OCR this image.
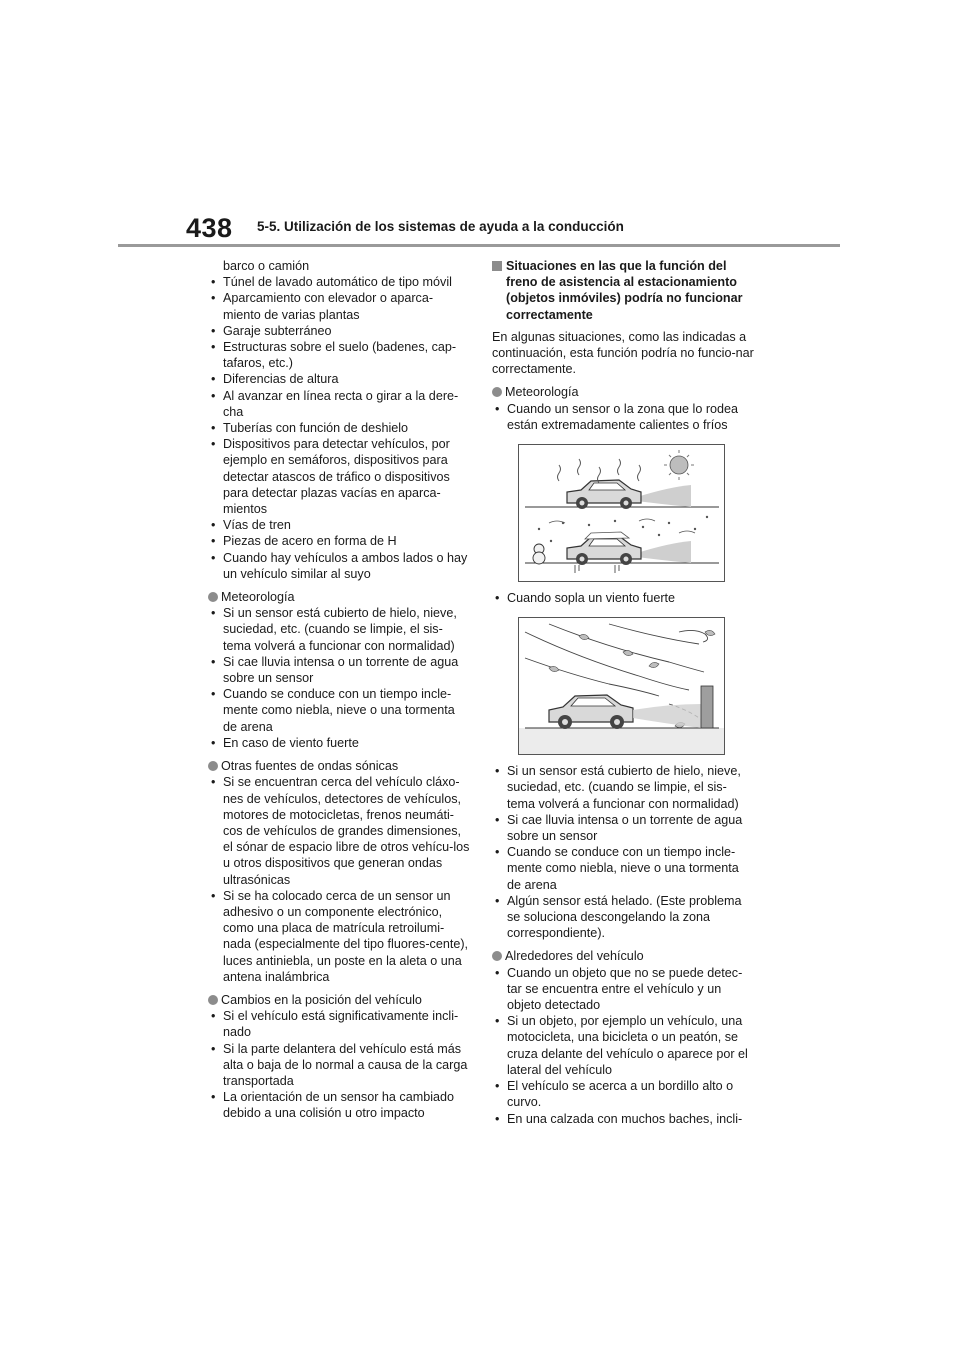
438 5-5. Utilización de los sistemas de ayuda a la conducción
barco o camión
• Túnel de lavado automático de tipo móvil
• Aparcamiento con elevador o aparca-miento de varias plantas
• Garaje subterráneo
• Estructuras sobre el suelo (badenes, cap-tafaros, etc.)
• Diferencias de altura
• Al avanzar en línea recta o girar a la dere-cha
• Tuberías con función de deshielo
• Dispositivos para detectar vehículos, por ejemplo en semáforos, dispositivos para detectar atascos de tráfico o dispositivos para detectar plazas vacías en aparca-mientos
• Vías de tren
• Piezas de acero en forma de H
• Cuando hay vehículos a ambos lados o hay un vehículo similar al suyo
Meteorología
• Si un sensor está cubierto de hielo, nieve, suciedad, etc. (cuando se limpie, el sis-tema volverá a funcionar con normalidad)
• Si cae lluvia intensa o un torrente de agua sobre un sensor
• Cuando se conduce con un tiempo incle-mente como niebla, nieve o una tormenta de arena
• En caso de viento fuerte
Otras fuentes de ondas sónicas
• Si se encuentran cerca del vehículo cláxo-nes de vehículos, detectores de vehículos, motores de motocicletas, frenos neumáti-cos de vehículos de grandes dimensiones, el sónar de espacio libre de otros vehícu-los u otros dispositivos que generan ondas ultrasónicas
• Si se ha colocado cerca de un sensor un adhesivo o un componente electrónico, como una placa de matrícula retroilumi-nada (especialmente del tipo fluores-cente), luces antiniebla, un poste en la aleta o una antena inalámbrica
Cambios en la posición del vehículo
• Si el vehículo está significativamente incli-nado
• Si la parte delantera del vehículo está más alta o baja de lo normal a causa de la carga transportada
• La orientación de un sensor ha cambiado debido a una colisión u otro impacto
Situaciones en las que la función del freno de asistencia al estacionamiento (objetos inmóviles) podría no funcionar correctamente
En algunas situaciones, como las indicadas a continuación, esta función podría no funcio-nar correctamente.
Meteorología
• Cuando un sensor o la zona que lo rodea están extremadamente calientes o fríos
• Cuando sopla un viento fuerte
• Si un sensor está cubierto de hielo, nieve, suciedad, etc. (cuando se limpie, el sis-tema volverá a funcionar con normalidad)
• Si cae lluvia intensa o un torrente de agua sobre un sensor
• Cuando se conduce con un tiempo incle-mente como niebla, nieve o una tormenta de arena
• Algún sensor está helado. (Este problema se soluciona descongelando la zona correspondiente).
Alrededores del vehículo
• Cuando un objeto que no se puede detec-tar se encuentra entre el vehículo y un objeto detectado
• Si un objeto, por ejemplo un vehículo, una motocicleta, una bicicleta o un peatón, se cruza delante del vehículo o aparece por el lateral del vehículo
• El vehículo se acerca a un bordillo alto o curvo.
• En una calzada con muchos baches, incli-
